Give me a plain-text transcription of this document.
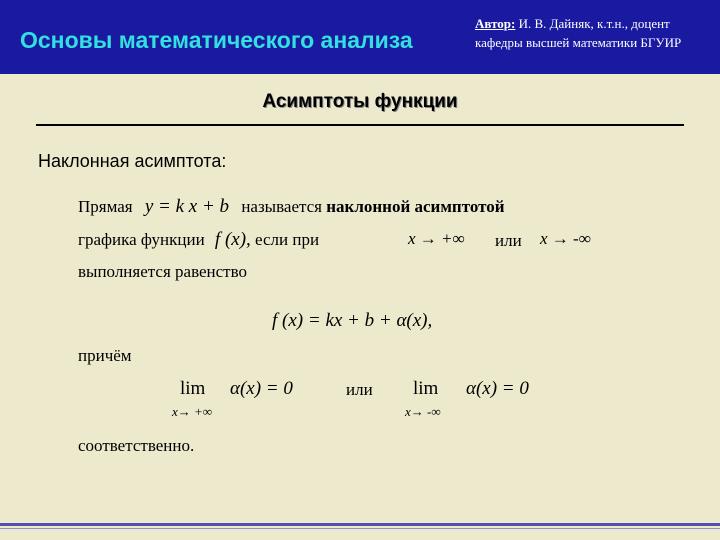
Основы математического анализа
Автор: И. В. Дайняк, к.т.н., доцент
кафедры высшей математики БГУИР
Асимптоты функции
Наклонная асимптота:
Прямая y = k x + b называется наклонной асимптотой
графика функции f (x), если при	x → +∞ или x → -∞
выполняется равенство
f (x) = kx + b + α(x),
причём
lim α(x) = 0
x→ +∞
или lim α(x) = 0
x→ -∞
соответственно.
